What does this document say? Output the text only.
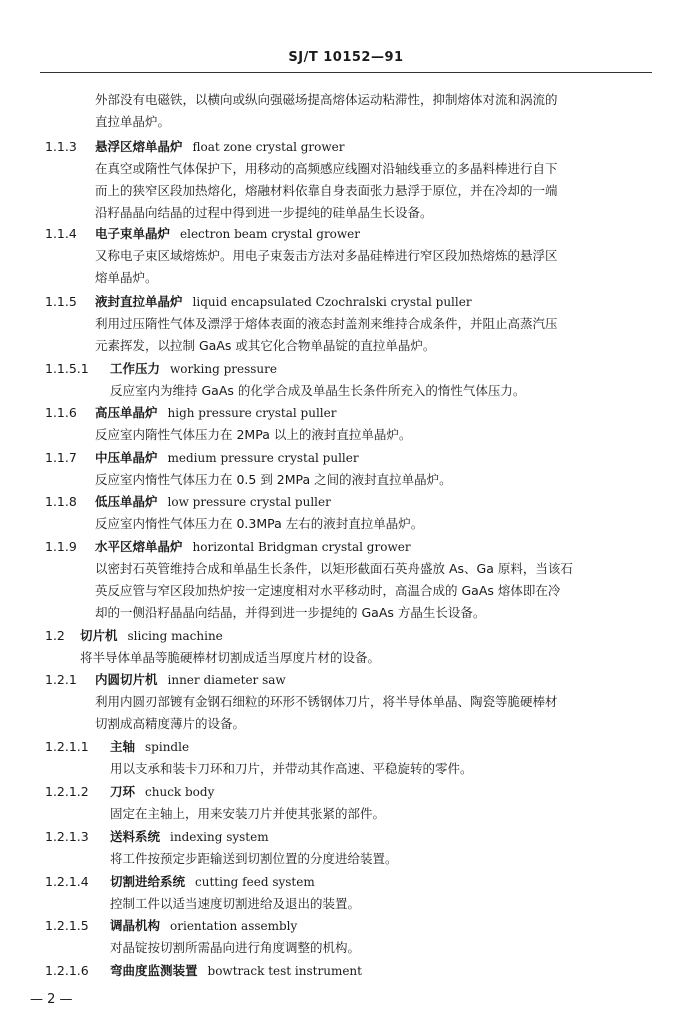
SJ/T 10152—91
外部没有电磁铁，以横向或纵向强磁场提高熔体运动粘滞性，抑制熔体对流和涡流的
直拉单晶炉。
1.1.3 悬浮区熔单晶炉 float zone crystal grower
在真空或隋性气体保护下，用移动的高频感应线圈对沿轴线垂立的多晶料棒进行自下
而上的狭窄区段加热熔化，熔融材料依靠自身表面张力悬浮于原位，并在冷却的一端
沿籽晶晶向结晶的过程中得到进一步提纯的硅单晶生长设备。
1.1.4 电子束单晶炉 electron beam crystal grower
又称电子束区域熔炼炉。用电子束轰击方法对多晶硅棒进行窄区段加热熔炼的悬浮区
熔单晶炉。
1.1.5 液封直拉单晶炉 liquid encapsulated Czochralski crystal puller
利用过压隋性气体及漂浮于熔体表面的液态封盖剂来维持合成条件，并阻止高蒸汽压
元素挥发，以拉制 GaAs 或其它化合物单晶锭的直拉单晶炉。
1.1.5.1 工作压力 working pressure
反应室内为维持 GaAs 的化学合成及单晶生长条件所充入的惰性气体压力。
1.1.6 高压单晶炉 high pressure crystal puller
反应室内隋性气体压力在 2MPa 以上的液封直拉单晶炉。
1.1.7 中压单晶炉 medium pressure crystal puller
反应室内惰性气体压力在 0.5 到 2MPa 之间的液封直拉单晶炉。
1.1.8 低压单晶炉 low pressure crystal puller
反应室内惰性气体压力在 0.3MPa 左右的液封直拉单晶炉。
1.1.9 水平区熔单晶炉 horizontal Bridgman crystal grower
以密封石英管维持合成和单晶生长条件，以矩形截面石英舟盛放 As、Ga 原料，当该石
英反应管与窄区段加热炉按一定速度相对水平移动时，高温合成的 GaAs 熔体即在冷
却的一侧沿籽晶晶向结晶，并得到进一步提纯的 GaAs 方晶生长设备。
1.2 切片机 slicing machine
将半导体单晶等脆硬棒材切割成适当厚度片材的设备。
1.2.1 内圆切片机 inner diameter saw
利用内圆刃部镀有金钢石细粒的环形不锈钢体刀片，将半导体单晶、陶瓷等脆硬棒材
切割成高精度薄片的设备。
1.2.1.1 主轴 spindle
用以支承和装卡刀环和刀片，并带动其作高速、平稳旋转的零件。
1.2.1.2 刀环 chuck body
固定在主轴上，用来安装刀片并使其张紧的部件。
1.2.1.3 送料系统 indexing system
将工件按预定步距输送到切割位置的分度进给装置。
1.2.1.4 切割进给系统 cutting feed system
控制工件以适当速度切割进给及退出的装置。
1.2.1.5 调晶机构 orientation assembly
对晶锭按切割所需晶向进行角度调整的机构。
1.2.1.6 弯曲度监测装置 bowtrack test instrument
— 2 —
